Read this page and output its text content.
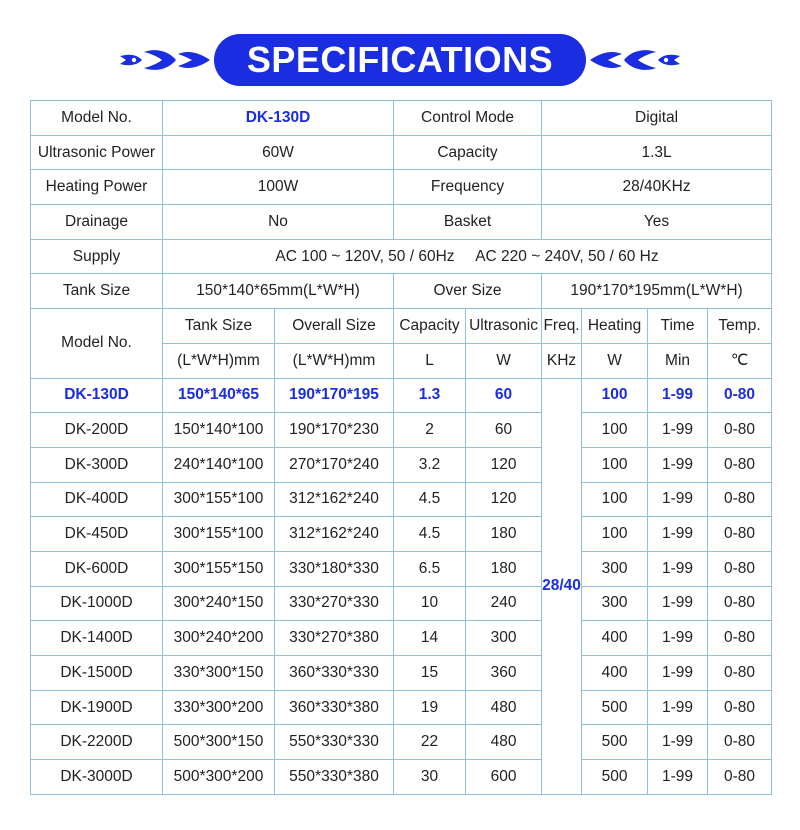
SPECIFICATIONS
Model No.	DK-130D		Control Mode		Digital			
Ultrasonic Power	60W		Capacity		1.3L			
Heating Power	100W		Frequency		28/40KHz			
Drainage	No		Basket		Yes			
Supply	AC 100 ~ 120V, 50 / 60Hz     AC 220 ~ 240V, 50 / 60 Hz							
Tank Size	150*140*65mm(L*W*H)		Over Size		190*170*195mm(L*W*H)			
Model No.	Tank Size	Overall Size	Capacity	Ultrasonic	Freq.	Heating	Time	Temp.
	(L*W*H)mm	(L*W*H)mm	L	W	KHz	W	Min	℃
DK-130D	150*140*65	190*170*195	1.3	60	28/40	100	1-99	0-80
DK-200D	150*140*100	190*170*230	2	60		100	1-99	0-80
DK-300D	240*140*100	270*170*240	3.2	120		100	1-99	0-80
DK-400D	300*155*100	312*162*240	4.5	120		100	1-99	0-80
DK-450D	300*155*100	312*162*240	4.5	180		100	1-99	0-80
DK-600D	300*155*150	330*180*330	6.5	180		300	1-99	0-80
DK-1000D	300*240*150	330*270*330	10	240		300	1-99	0-80
DK-1400D	300*240*200	330*270*380	14	300		400	1-99	0-80
DK-1500D	330*300*150	360*330*330	15	360		400	1-99	0-80
DK-1900D	330*300*200	360*330*380	19	480		500	1-99	0-80
DK-2200D	500*300*150	550*330*330	22	480		500	1-99	0-80
DK-3000D	500*300*200	550*330*380	30	600		500	1-99	0-80
